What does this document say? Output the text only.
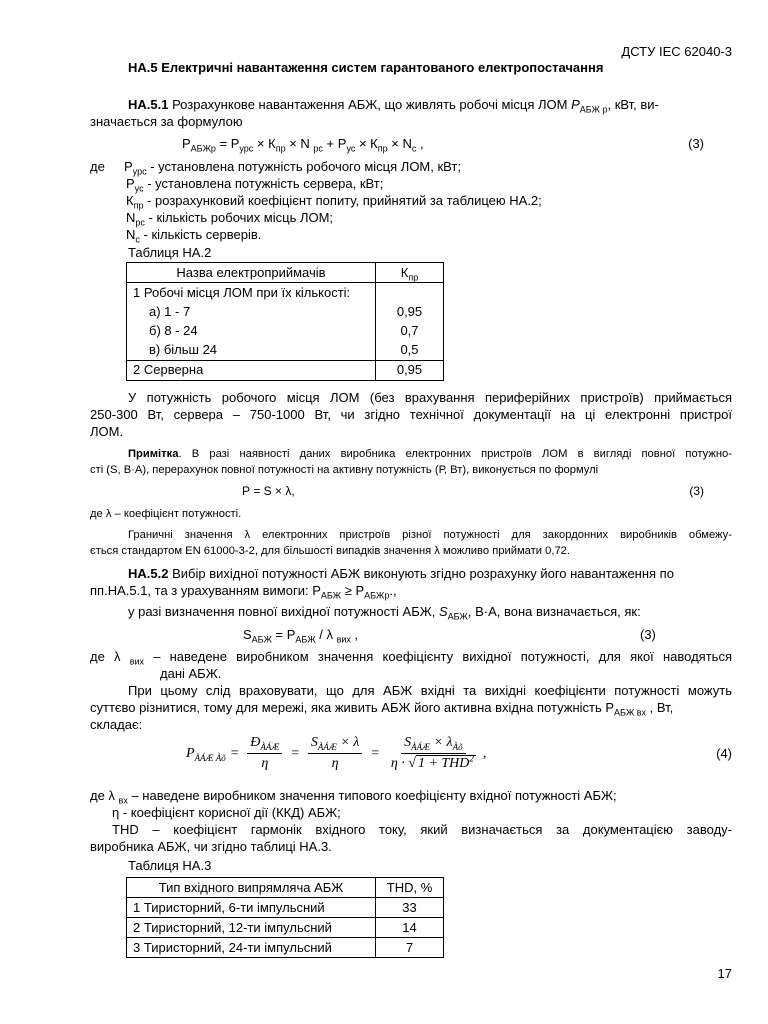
ДСТУ IEC 62040-3
НА.5 Електричні навантаження систем гарантованого електропостачання
НА.5.1 Розрахункове навантаження АБЖ, що живлять робочі місця ЛОМ $Р_{АБЖ р}$, кВт, ви-
значається за формулою
$Р_{АБЖр} = Р_{урс} \times К_{пр} \times N$ $_{рс} + Р_{ус} \times К_{пр} \times N_с$ ,	(3)
де $Р_{урс}$ - установлена потужність робочого місця ЛОМ, кВт;
$Р_{ус}$ - установлена потужність сервера, кВт;
$К_{пр}$ - розрахунковий коефіцієнт попиту, прийнятий за таблицею НА.2;
$N_{рс}$ - кількість робочих місць ЛОМ;
$N_с$ - кількість серверів.
Таблиця НА.2
Назва електроприймачів	$К_{пр}$
1 Робочі місця ЛОМ при їх кількості:	
а) 1 - 7	0,95
б) 8 - 24	0,7
в) більш 24	0,5
2 Серверна	0,95
У потужність робочого місця ЛОМ (без врахування периферійних пристроїв) приймається
250-300 Вт, сервера – 750-1000 Вт, чи згідно технічної документації на ці електронні пристрої
ЛОМ.
Примітка. В разі наявності даних виробника електронних пристроїв ЛОМ в вигляді повної потужно-
сті (S, В·А), перерахунок повної потужності на активну потужність (Р, Вт), виконується по формулі
Р = S × λ,	(3)
де λ – коефіцієнт потужності.
Граничні значення λ електронних пристроїв різної потужності для закордонних виробників обмежу-
ється стандартом EN 61000-3-2, для більшості випадків значення λ можливо приймати 0,72.
НА.5.2 Вибір вихідної потужності АБЖ виконують згідно розрахунку його навантаження по
пп.НА.5.1, та з урахуванням вимоги: $Р_{АБЖ} \ge Р_{АБЖр}$.,
у разі визначення повної вихідної потужності АБЖ, $S_{АБЖ}$, В·А, вона визначається, як:
$S_{АБЖ} = Р_{АБЖ} / \lambda$ $_{вих}$ ,	(3)
де λ $_{вих}$ – наведене виробником значення коефіцієнту вихідної потужності, для якої наводяться
дані АБЖ.
При цьому слід враховувати, що для АБЖ вхідні та вихідні коефіцієнти потужності можуть
суттєво різнитися, тому для мережі, яка живить АБЖ його активна вхідна потужність $Р_{АБЖ вх}$ , Вт,
складає:
$P_{ÀÁÆ Àõ} = \frac{Ð_{ÀÁÆ}}{\eta} = \frac{S_{ÀÁÆ} \times \lambda}{\eta} = \frac{S_{ÀÁÆ} \times \lambda_{Àõ}}{\eta \cdot √ 1 + THD^2}$ ,	(4)
де λ $_{вх}$ – наведене виробником значення типового коефіцієнту вхідної потужності АБЖ;
η - коефіцієнт корисної дії (ККД) АБЖ;
THD – коефіцієнт гармонік вхідного току, який визначається за документацією заводу-
виробника АБЖ, чи згідно таблиці НА.3.
Таблиця НА.3
Тип вхідного випрямляча АБЖ	THD, %
1 Тиристорний, 6-ти імпульсний	33
2 Тиристорний, 12-ти імпульсний	14
3 Тиристорний, 24-ти імпульсний	7
17
